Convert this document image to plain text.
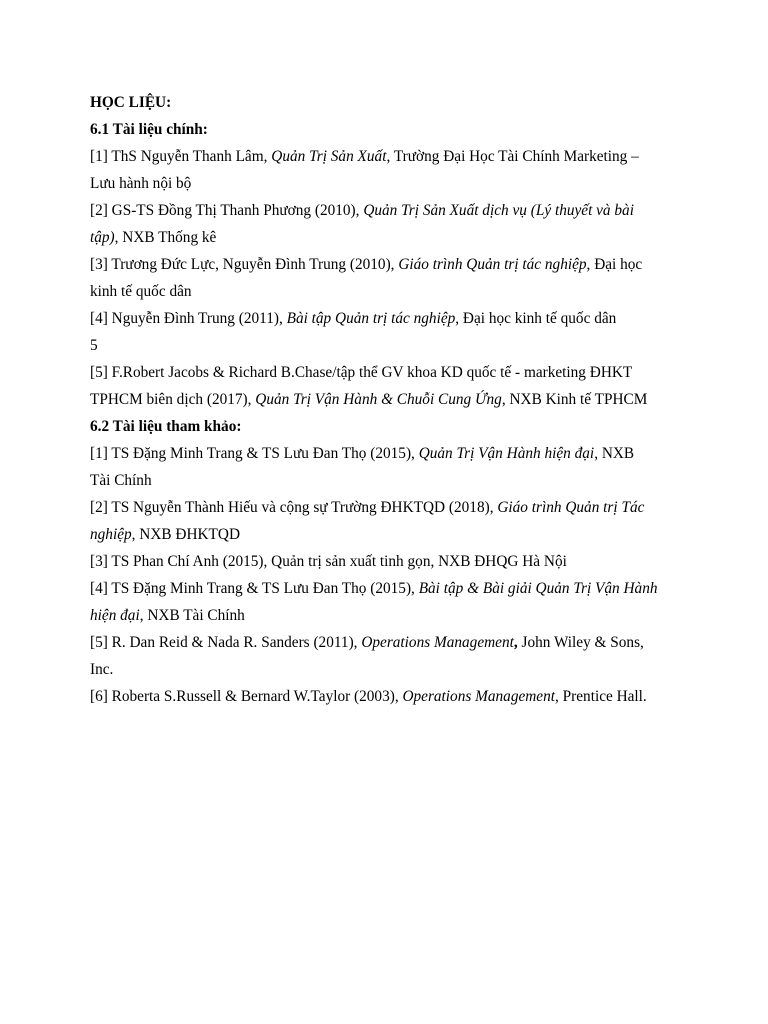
HỌC LIỆU:
6.1 Tài liệu chính:
[1] ThS Nguyễn Thanh Lâm, Quản Trị Sản Xuất, Trường Đại Học Tài Chính Marketing –
Lưu hành nội bộ
[2] GS-TS Đồng Thị Thanh Phương (2010), Quản Trị Sản Xuất dịch vụ (Lý thuyết và bài
tập), NXB Thống kê
[3] Trương Đức Lực, Nguyễn Đình Trung (2010), Giáo trình Quản trị tác nghiệp, Đại học
kinh tế quốc dân
[4] Nguyễn Đình Trung (2011), Bài tập Quản trị tác nghiệp, Đại học kinh tế quốc dân
5
[5] F.Robert Jacobs & Richard B.Chase/tập thể GV khoa KD quốc tế - marketing ĐHKT
TPHCM biên dịch (2017), Quản Trị Vận Hành & Chuỗi Cung Ứng, NXB Kinh tế TPHCM
6.2 Tài liệu tham khảo:
[1] TS Đặng Minh Trang & TS Lưu Đan Thọ (2015), Quản Trị Vận Hành hiện đại, NXB
Tài Chính
[2] TS Nguyễn Thành Hiếu và cộng sự Trường ĐHKTQD (2018), Giáo trình Quản trị Tác
nghiệp, NXB ĐHKTQD
[3] TS Phan Chí Anh (2015), Quản trị sản xuất tinh gọn, NXB ĐHQG Hà Nội
[4] TS Đặng Minh Trang & TS Lưu Đan Thọ (2015), Bài tập & Bài giải Quản Trị Vận Hành
hiện đại, NXB Tài Chính
[5] R. Dan Reid & Nada R. Sanders (2011), Operations Management, John Wiley & Sons,
Inc.
[6] Roberta S.Russell & Bernard W.Taylor (2003), Operations Management, Prentice Hall.
